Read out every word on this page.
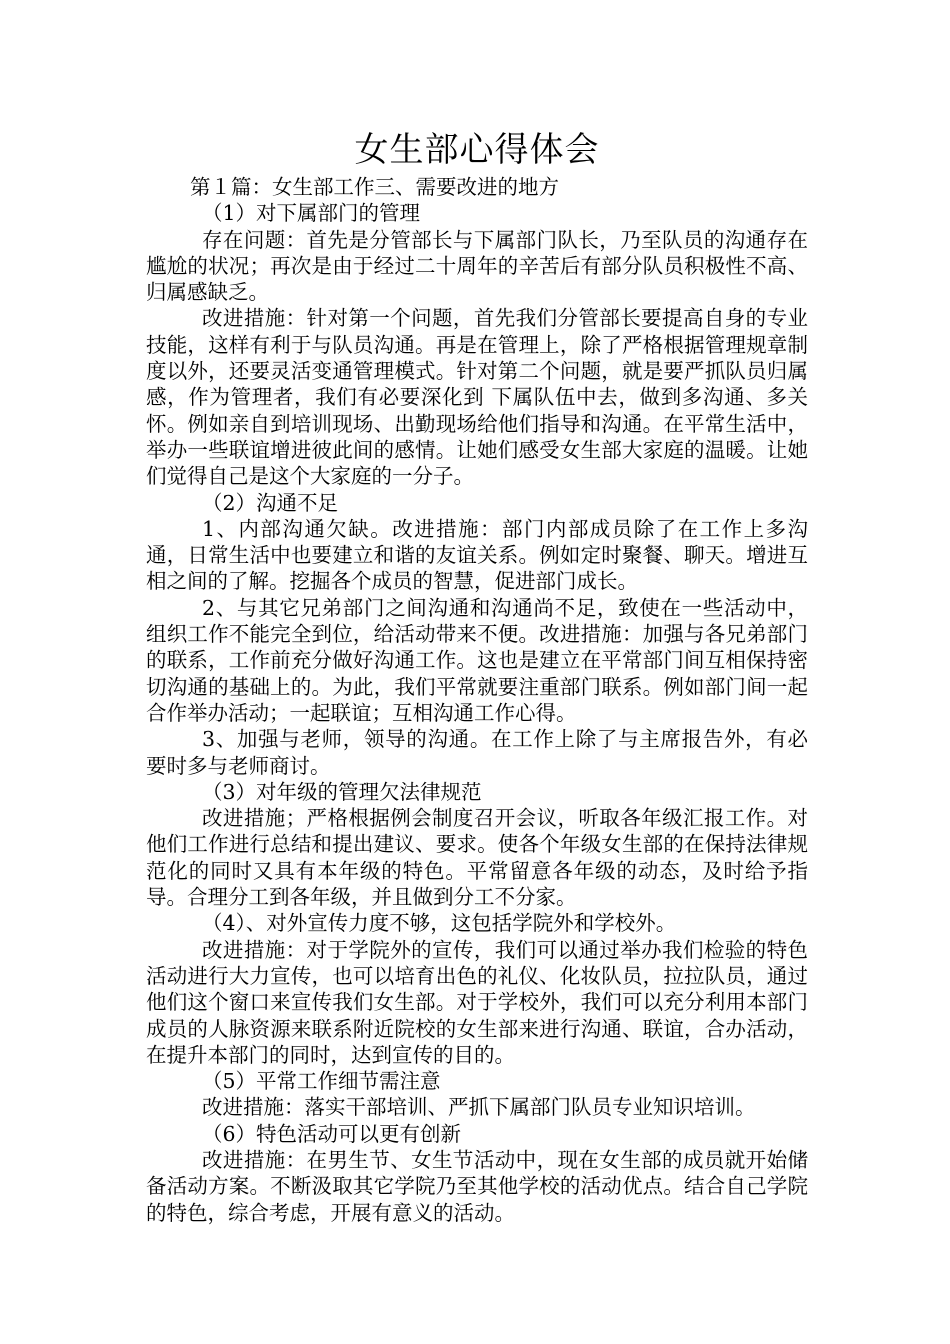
女生部心得体会

第１篇：女生部工作三、需要改进的地方

（1）对下属部门的管理

存在问题：首先是分管部长与下属部门队长，乃至队员的沟通存在尴尬的状况；再次是由于经过二十周年的辛苦后有部分队员积极性不高、归属感缺乏。

改进措施：针对第一个问题，首先我们分管部长要提高自身的专业技能，这样有利于与队员沟通。再是在管理上，除了严格根据管理规章制度以外，还要灵活变通管理模式。针对第二个问题，就是要严抓队员归属感，作为管理者，我们有必要深化到 下属队伍中去，做到多沟通、多关怀。例如亲自到培训现场、出勤现场给他们指导和沟通。在平常生活中，举办一些联谊增进彼此间的感情。让她们感受女生部大家庭的温暖。让她们觉得自己是这个大家庭的一分子。

（2）沟通不足

1、内部沟通欠缺。改进措施：部门内部成员除了在工作上多沟通，日常生活中也要建立和谐的友谊关系。例如定时聚餐、聊天。增进互相之间的了解。挖掘各个成员的智慧，促进部门成长。

2、与其它兄弟部门之间沟通和沟通尚不足，致使在一些活动中，组织工作不能完全到位，给活动带来不便。改进措施：加强与各兄弟部门的联系，工作前充分做好沟通工作。这也是建立在平常部门间互相保持密切沟通的基础上的。为此，我们平常就要注重部门联系。例如部门间一起合作举办活动；一起联谊；互相沟通工作心得。

3、加强与老师，领导的沟通。在工作上除了与主席报告外，有必要时多与老师商讨。

（3）对年级的管理欠法律规范

改进措施；严格根据例会制度召开会议，听取各年级汇报工作。对他们工作进行总结和提出建议、要求。使各个年级女生部的在保持法律规范化的同时又具有本年级的特色。平常留意各年级的动态，及时给予指导。合理分工到各年级，并且做到分工不分家。

（4）、对外宣传力度不够，这包括学院外和学校外。

改进措施：对于学院外的宣传，我们可以通过举办我们检验的特色活动进行大力宣传，也可以培育出色的礼仪、化妆队员，拉拉队员，通过他们这个窗口来宣传我们女生部。对于学校外，我们可以充分利用本部门成员的人脉资源来联系附近院校的女生部来进行沟通、联谊，合办活动，在提升本部门的同时，达到宣传的目的。

（5）平常工作细节需注意

改进措施：落实干部培训、严抓下属部门队员专业知识培训。

（6）特色活动可以更有创新

改进措施：在男生节、女生节活动中，现在女生部的成员就开始储备活动方案。不断汲取其它学院乃至其他学校的活动优点。结合自己学院的特色，综合考虑，开展有意义的活动。
